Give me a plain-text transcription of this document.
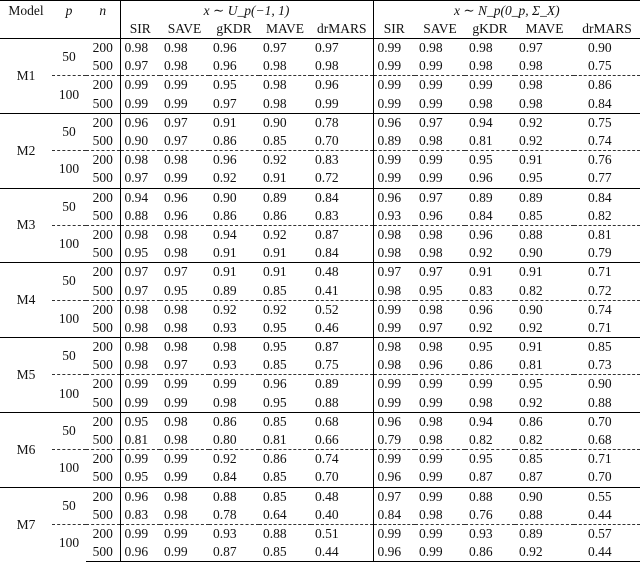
Model	p	n	x ∼ U_p(−1, 1)					x ∼ N_p(0_p, Σ_X)				
			SIR	SAVE	gKDR	MAVE	drMARS	SIR	SAVE	gKDR	MAVE	drMARS
M1	50	200	0.98	0.98	0.96	0.97	0.97	0.99	0.98	0.98	0.97	0.90
		500	0.97	0.98	0.96	0.98	0.98	0.99	0.99	0.98	0.98	0.75
	100	200	0.99	0.99	0.95	0.98	0.96	0.99	0.99	0.99	0.98	0.86
		500	0.99	0.99	0.97	0.98	0.99	0.99	0.99	0.98	0.98	0.84
M2	50	200	0.96	0.97	0.91	0.90	0.78	0.96	0.97	0.94	0.92	0.75
		500	0.90	0.97	0.86	0.85	0.70	0.89	0.98	0.81	0.92	0.74
	100	200	0.98	0.98	0.96	0.92	0.83	0.99	0.99	0.95	0.91	0.76
		500	0.97	0.99	0.92	0.91	0.72	0.99	0.99	0.96	0.95	0.77
M3	50	200	0.94	0.96	0.90	0.89	0.84	0.96	0.97	0.89	0.89	0.84
		500	0.88	0.96	0.86	0.86	0.83	0.93	0.96	0.84	0.85	0.82
	100	200	0.98	0.98	0.94	0.92	0.87	0.98	0.98	0.96	0.88	0.81
		500	0.95	0.98	0.91	0.91	0.84	0.98	0.98	0.92	0.90	0.79
M4	50	200	0.97	0.97	0.91	0.91	0.48	0.97	0.97	0.91	0.91	0.71
		500	0.97	0.95	0.89	0.85	0.41	0.98	0.95	0.83	0.82	0.72
	100	200	0.98	0.98	0.92	0.92	0.52	0.99	0.98	0.96	0.90	0.74
		500	0.98	0.98	0.93	0.95	0.46	0.99	0.97	0.92	0.92	0.71
M5	50	200	0.98	0.98	0.98	0.95	0.87	0.98	0.98	0.95	0.91	0.85
		500	0.98	0.97	0.93	0.85	0.75	0.98	0.96	0.86	0.81	0.73
	100	200	0.99	0.99	0.99	0.96	0.89	0.99	0.99	0.99	0.95	0.90
		500	0.99	0.99	0.98	0.95	0.88	0.99	0.99	0.98	0.92	0.88
M6	50	200	0.95	0.98	0.86	0.85	0.68	0.96	0.98	0.94	0.86	0.70
		500	0.81	0.98	0.80	0.81	0.66	0.79	0.98	0.82	0.82	0.68
	100	200	0.99	0.99	0.92	0.86	0.74	0.99	0.99	0.95	0.85	0.71
		500	0.95	0.99	0.84	0.85	0.70	0.96	0.99	0.87	0.87	0.70
M7	50	200	0.96	0.98	0.88	0.85	0.48	0.97	0.99	0.88	0.90	0.55
		500	0.83	0.98	0.78	0.64	0.40	0.84	0.98	0.76	0.88	0.44
	100	200	0.99	0.99	0.93	0.88	0.51	0.99	0.99	0.93	0.89	0.57
		500	0.96	0.99	0.87	0.85	0.44	0.96	0.99	0.86	0.92	0.44
